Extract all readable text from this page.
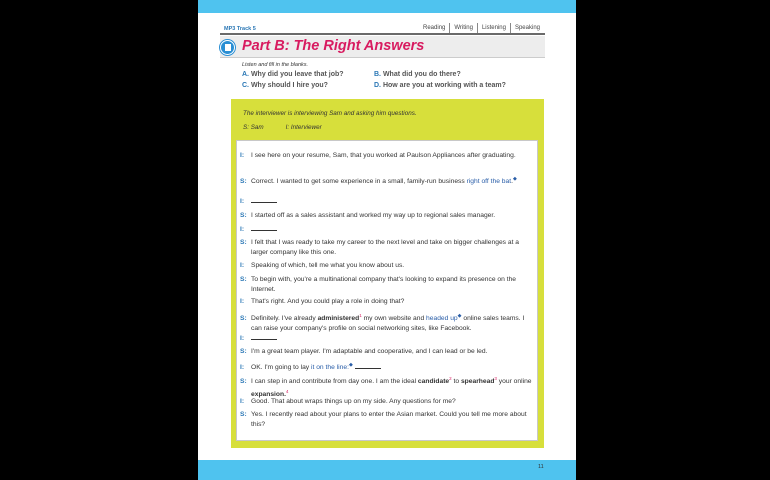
MP3 Track 5	Reading	Writing	Listening	Speaking
Part B: The Right Answers
Listen and fill in the blanks.
A. Why did you leave that job?	B. What did you do there?
C. Why should I hire you?	D. How are you at working with a team?
The interviewer is interviewing Sam and asking him questions.
S: Sam	I: Interviewer
I: I see here on your resume, Sam, that you worked at Paulson Appliances after graduating.
S: Correct. I wanted to get some experience in a small, family-run business right off the bat.◆
I:
S: I started off as a sales assistant and worked my way up to regional sales manager.
I:
S: I felt that I was ready to take my career to the next level and take on bigger challenges at a larger company like this one.
I: Speaking of which, tell me what you know about us.
S: To begin with, you're a multinational company that's looking to expand its presence on the Internet.
I: That's right. And you could play a role in doing that?
S: Definitely. I've already administered$^1$ my own website and headed up◆ online sales teams. I can raise your company's profile on social networking sites, like Facebook.
I:
S: I'm a great team player. I'm adaptable and cooperative, and I can lead or be led.
I: OK. I'm going to lay it on the line:◆
S: I can step in and contribute from day one. I am the ideal candidate$^2$ to spearhead$^3$ your online expansion.$^4$
I: Good. That about wraps things up on my side. Any questions for me?
S: Yes. I recently read about your plans to enter the Asian market. Could you tell me more about this?
11
